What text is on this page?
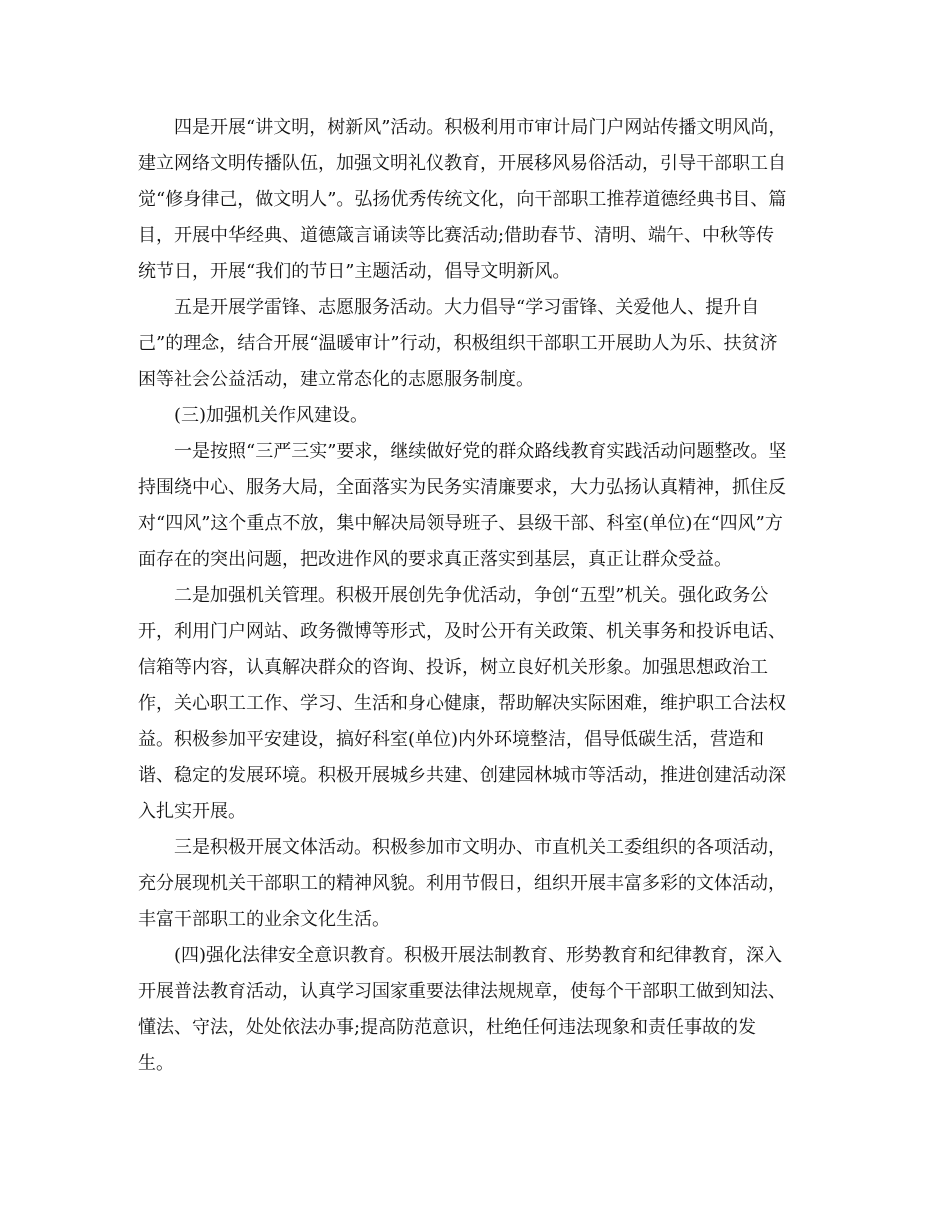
四是开展“讲文明，树新风”活动。积极利用市审计局门户网站传播文明风尚，
建立网络文明传播队伍，加强文明礼仪教育，开展移风易俗活动，引导干部职工自
觉“修身律己，做文明人”。弘扬优秀传统文化，向干部职工推荐道德经典书目、篇
目，开展中华经典、道德箴言诵读等比赛活动;借助春节、清明、端午、中秋等传
统节日，开展“我们的节日”主题活动，倡导文明新风。
五是开展学雷锋、志愿服务活动。大力倡导“学习雷锋、关爱他人、提升自
己”的理念，结合开展“温暖审计”行动，积极组织干部职工开展助人为乐、扶贫济
困等社会公益活动，建立常态化的志愿服务制度。
(三)加强机关作风建设。
一是按照“三严三实”要求，继续做好党的群众路线教育实践活动问题整改。坚
持围绕中心、服务大局，全面落实为民务实清廉要求，大力弘扬认真精神，抓住反
对“四风”这个重点不放，集中解决局领导班子、县级干部、科室(单位)在“四风”方
面存在的突出问题，把改进作风的要求真正落实到基层，真正让群众受益。
二是加强机关管理。积极开展创先争优活动，争创“五型”机关。强化政务公
开，利用门户网站、政务微博等形式，及时公开有关政策、机关事务和投诉电话、
信箱等内容，认真解决群众的咨询、投诉，树立良好机关形象。加强思想政治工
作，关心职工工作、学习、生活和身心健康，帮助解决实际困难，维护职工合法权
益。积极参加平安建设，搞好科室(单位)内外环境整洁，倡导低碳生活，营造和
谐、稳定的发展环境。积极开展城乡共建、创建园林城市等活动，推进创建活动深
入扎实开展。
三是积极开展文体活动。积极参加市文明办、市直机关工委组织的各项活动，
充分展现机关干部职工的精神风貌。利用节假日，组织开展丰富多彩的文体活动，
丰富干部职工的业余文化生活。
(四)强化法律安全意识教育。积极开展法制教育、形势教育和纪律教育，深入
开展普法教育活动，认真学习国家重要法律法规规章，使每个干部职工做到知法、
懂法、守法，处处依法办事;提高防范意识，杜绝任何违法现象和责任事故的发
生。
